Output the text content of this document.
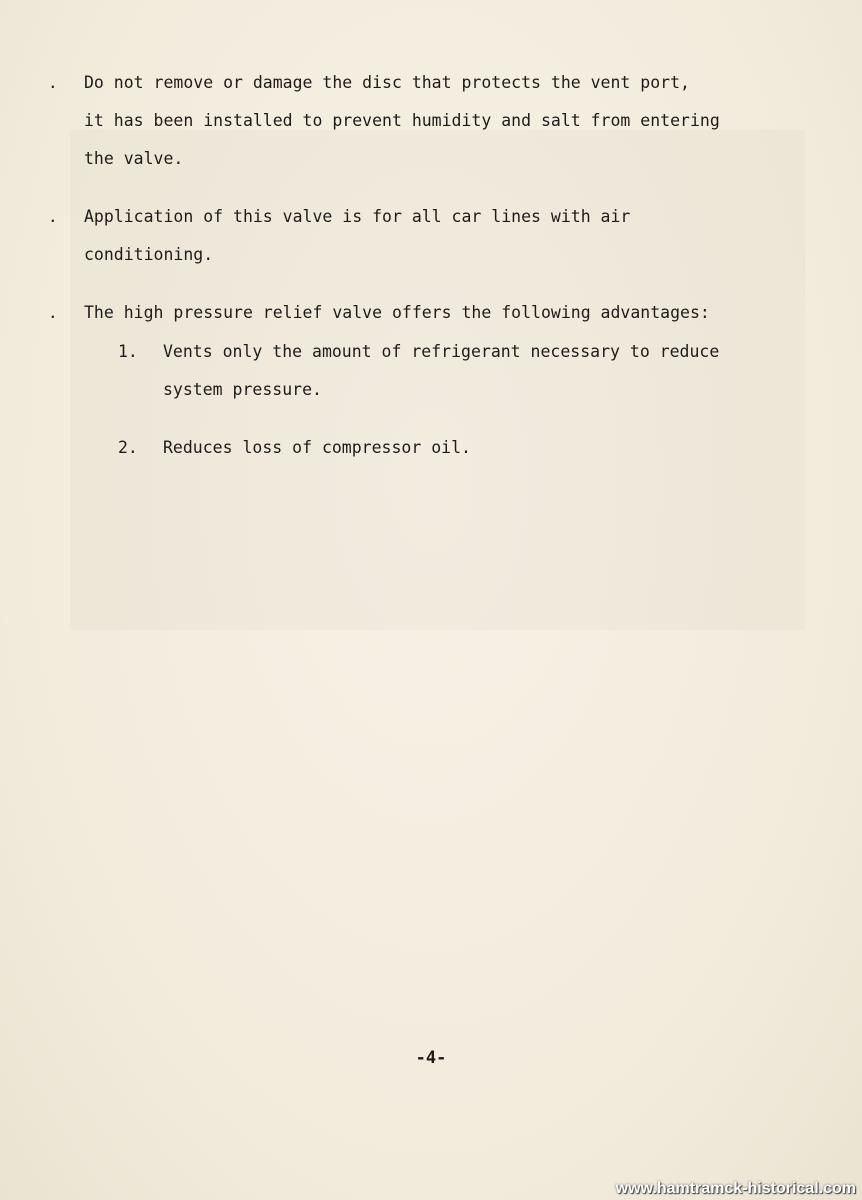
. Do not remove or damage the disc that protects the vent port,
it has been installed to prevent humidity and salt from entering
the valve.
. Application of this valve is for all car lines with air
conditioning.
. The high pressure relief valve offers the following advantages:
1. Vents only the amount of refrigerant necessary to reduce
system pressure.
2. Reduces loss of compressor oil.
-4-
www.hamtramck-historical.com
